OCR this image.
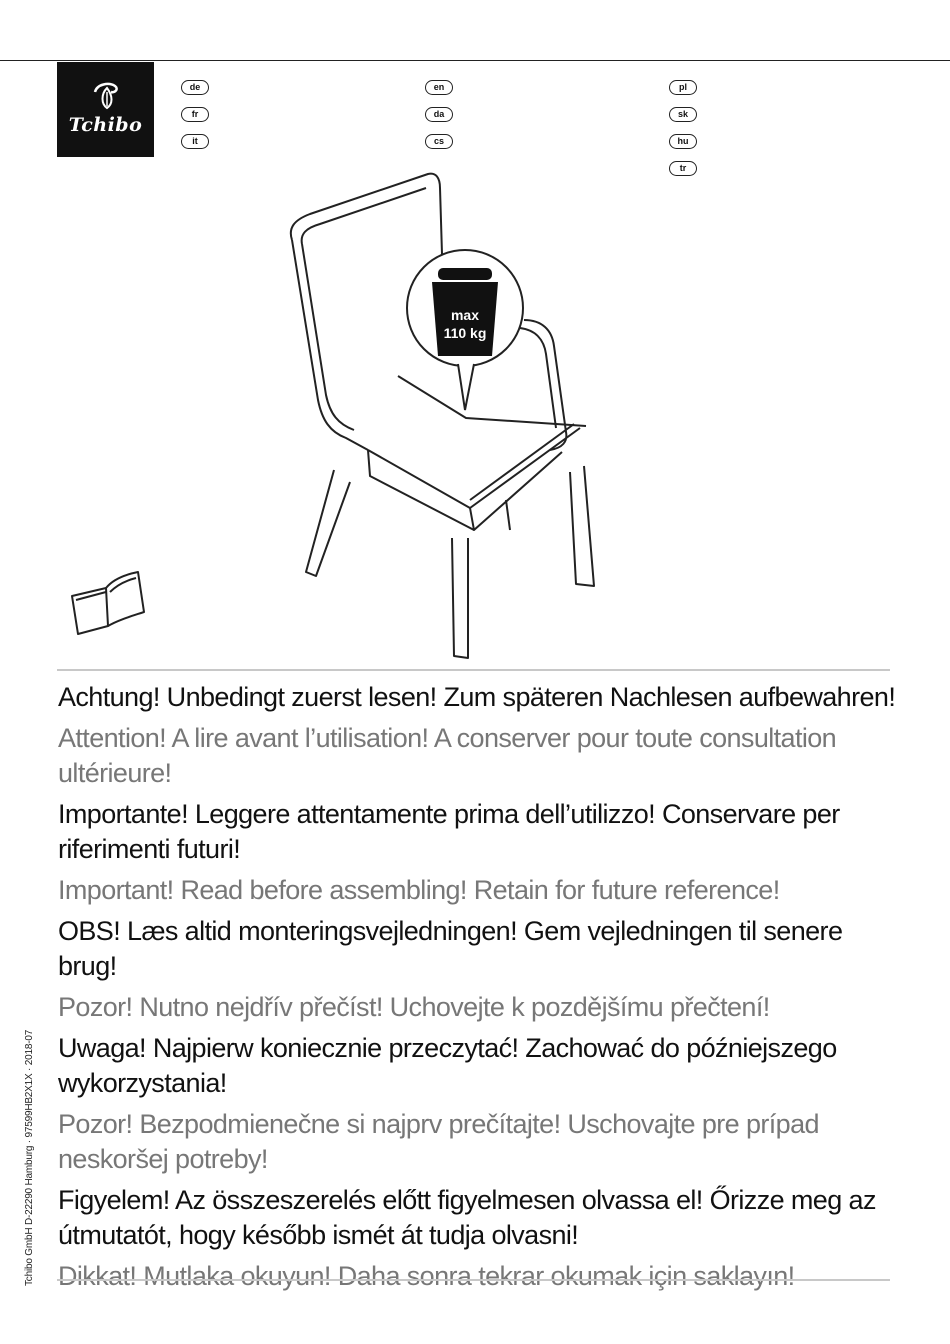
Tchibo
de
fr
it
en
da
cs
pl
sk
hu
tr
max
110 kg

Achtung! Unbedingt zuerst lesen! Zum späteren Nachlesen aufbewahren!

Attention! A lire avant l’utilisation! A conserver pour toute consultation ultérieure!

Importante! Leggere attentamente prima dell’utilizzo! Conservare per riferimenti futuri!

Important! Read before assembling! Retain for future reference!

OBS! Læs altid monteringsvejledningen! Gem vejledningen til senere brug!

Pozor! Nutno nejdřív přečíst! Uchovejte k pozdějšímu přečtení!

Uwaga! Najpierw koniecznie przeczytać! Zachować do późniejszego wykorzystania!

Pozor! Bezpodmienečne si najprv prečítajte! Uschovajte pre prípad neskoršej potreby!

Figyelem! Az összeszerelés előtt figyelmesen olvassa el! Őrizze meg az útmutatót, hogy később ismét át tudja olvasni!

Dikkat! Mutlaka okuyun! Daha sonra tekrar okumak için saklayın!

Tchibo GmbH D-22290 Hamburg · 97599HB2X1X · 2018-07
